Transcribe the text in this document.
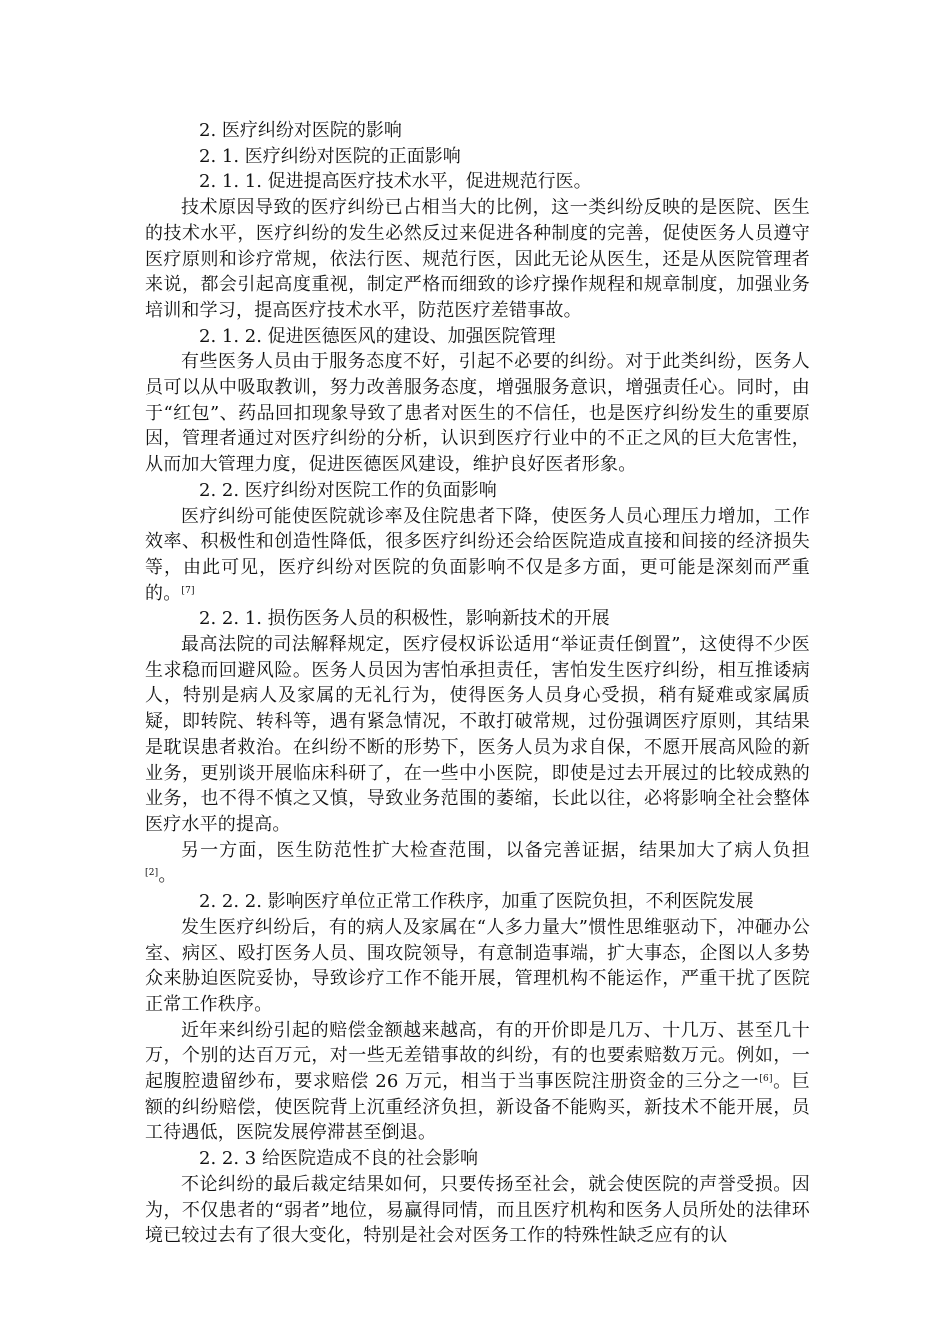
2. 医疗纠纷对医院的影响

2. 1. 医疗纠纷对医院的正面影响

2. 1. 1. 促进提高医疗技术水平，促进规范行医。

技术原因导致的医疗纠纷已占相当大的比例，这一类纠纷反映的是医院、医生的技术水平，医疗纠纷的发生必然反过来促进各种制度的完善，促使医务人员遵守医疗原则和诊疗常规，依法行医、规范行医，因此无论从医生，还是从医院管理者来说，都会引起高度重视，制定严格而细致的诊疗操作规程和规章制度，加强业务培训和学习，提高医疗技术水平，防范医疗差错事故。

2. 1. 2. 促进医德医风的建设、加强医院管理

有些医务人员由于服务态度不好，引起不必要的纠纷。对于此类纠纷，医务人员可以从中吸取教训，努力改善服务态度，增强服务意识，增强责任心。同时，由于“红包”、药品回扣现象导致了患者对医生的不信任，也是医疗纠纷发生的重要原因，管理者通过对医疗纠纷的分析，认识到医疗行业中的不正之风的巨大危害性，从而加大管理力度，促进医德医风建设，维护良好医者形象。

2. 2. 医疗纠纷对医院工作的负面影响

医疗纠纷可能使医院就诊率及住院患者下降，使医务人员心理压力增加，工作效率、积极性和创造性降低，很多医疗纠纷还会给医院造成直接和间接的经济损失等，由此可见，医疗纠纷对医院的负面影响不仅是多方面，更可能是深刻而严重的。[7]

2. 2. 1. 损伤医务人员的积极性，影响新技术的开展

最高法院的司法解释规定，医疗侵权诉讼适用“举证责任倒置”，这使得不少医生求稳而回避风险。医务人员因为害怕承担责任，害怕发生医疗纠纷，相互推诿病人，特别是病人及家属的无礼行为，使得医务人员身心受损，稍有疑难或家属质疑，即转院、转科等，遇有紧急情况，不敢打破常规，过份强调医疗原则，其结果是耽误患者救治。在纠纷不断的形势下，医务人员为求自保，不愿开展高风险的新业务，更别谈开展临床科研了，在一些中小医院，即使是过去开展过的比较成熟的业务，也不得不慎之又慎，导致业务范围的萎缩，长此以往，必将影响全社会整体医疗水平的提高。

另一方面，医生防范性扩大检查范围，以备完善证据，结果加大了病人负担[2]。

2. 2. 2. 影响医疗单位正常工作秩序，加重了医院负担，不利医院发展

发生医疗纠纷后，有的病人及家属在“人多力量大”惯性思维驱动下，冲砸办公室、病区、殴打医务人员、围攻院领导，有意制造事端，扩大事态，企图以人多势众来胁迫医院妥协，导致诊疗工作不能开展，管理机构不能运作，严重干扰了医院正常工作秩序。

近年来纠纷引起的赔偿金额越来越高，有的开价即是几万、十几万、甚至几十万，个别的达百万元，对一些无差错事故的纠纷，有的也要索赔数万元。例如，一起腹腔遗留纱布，要求赔偿 26 万元，相当于当事医院注册资金的三分之一[6]。巨额的纠纷赔偿，使医院背上沉重经济负担，新设备不能购买，新技术不能开展，员工待遇低，医院发展停滞甚至倒退。

2. 2. 3 给医院造成不良的社会影响

不论纠纷的最后裁定结果如何，只要传扬至社会，就会使医院的声誉受损。因为，不仅患者的“弱者”地位，易赢得同情，而且医疗机构和医务人员所处的法律环境已较过去有了很大变化，特别是社会对医务工作的特殊性缺乏应有的认
